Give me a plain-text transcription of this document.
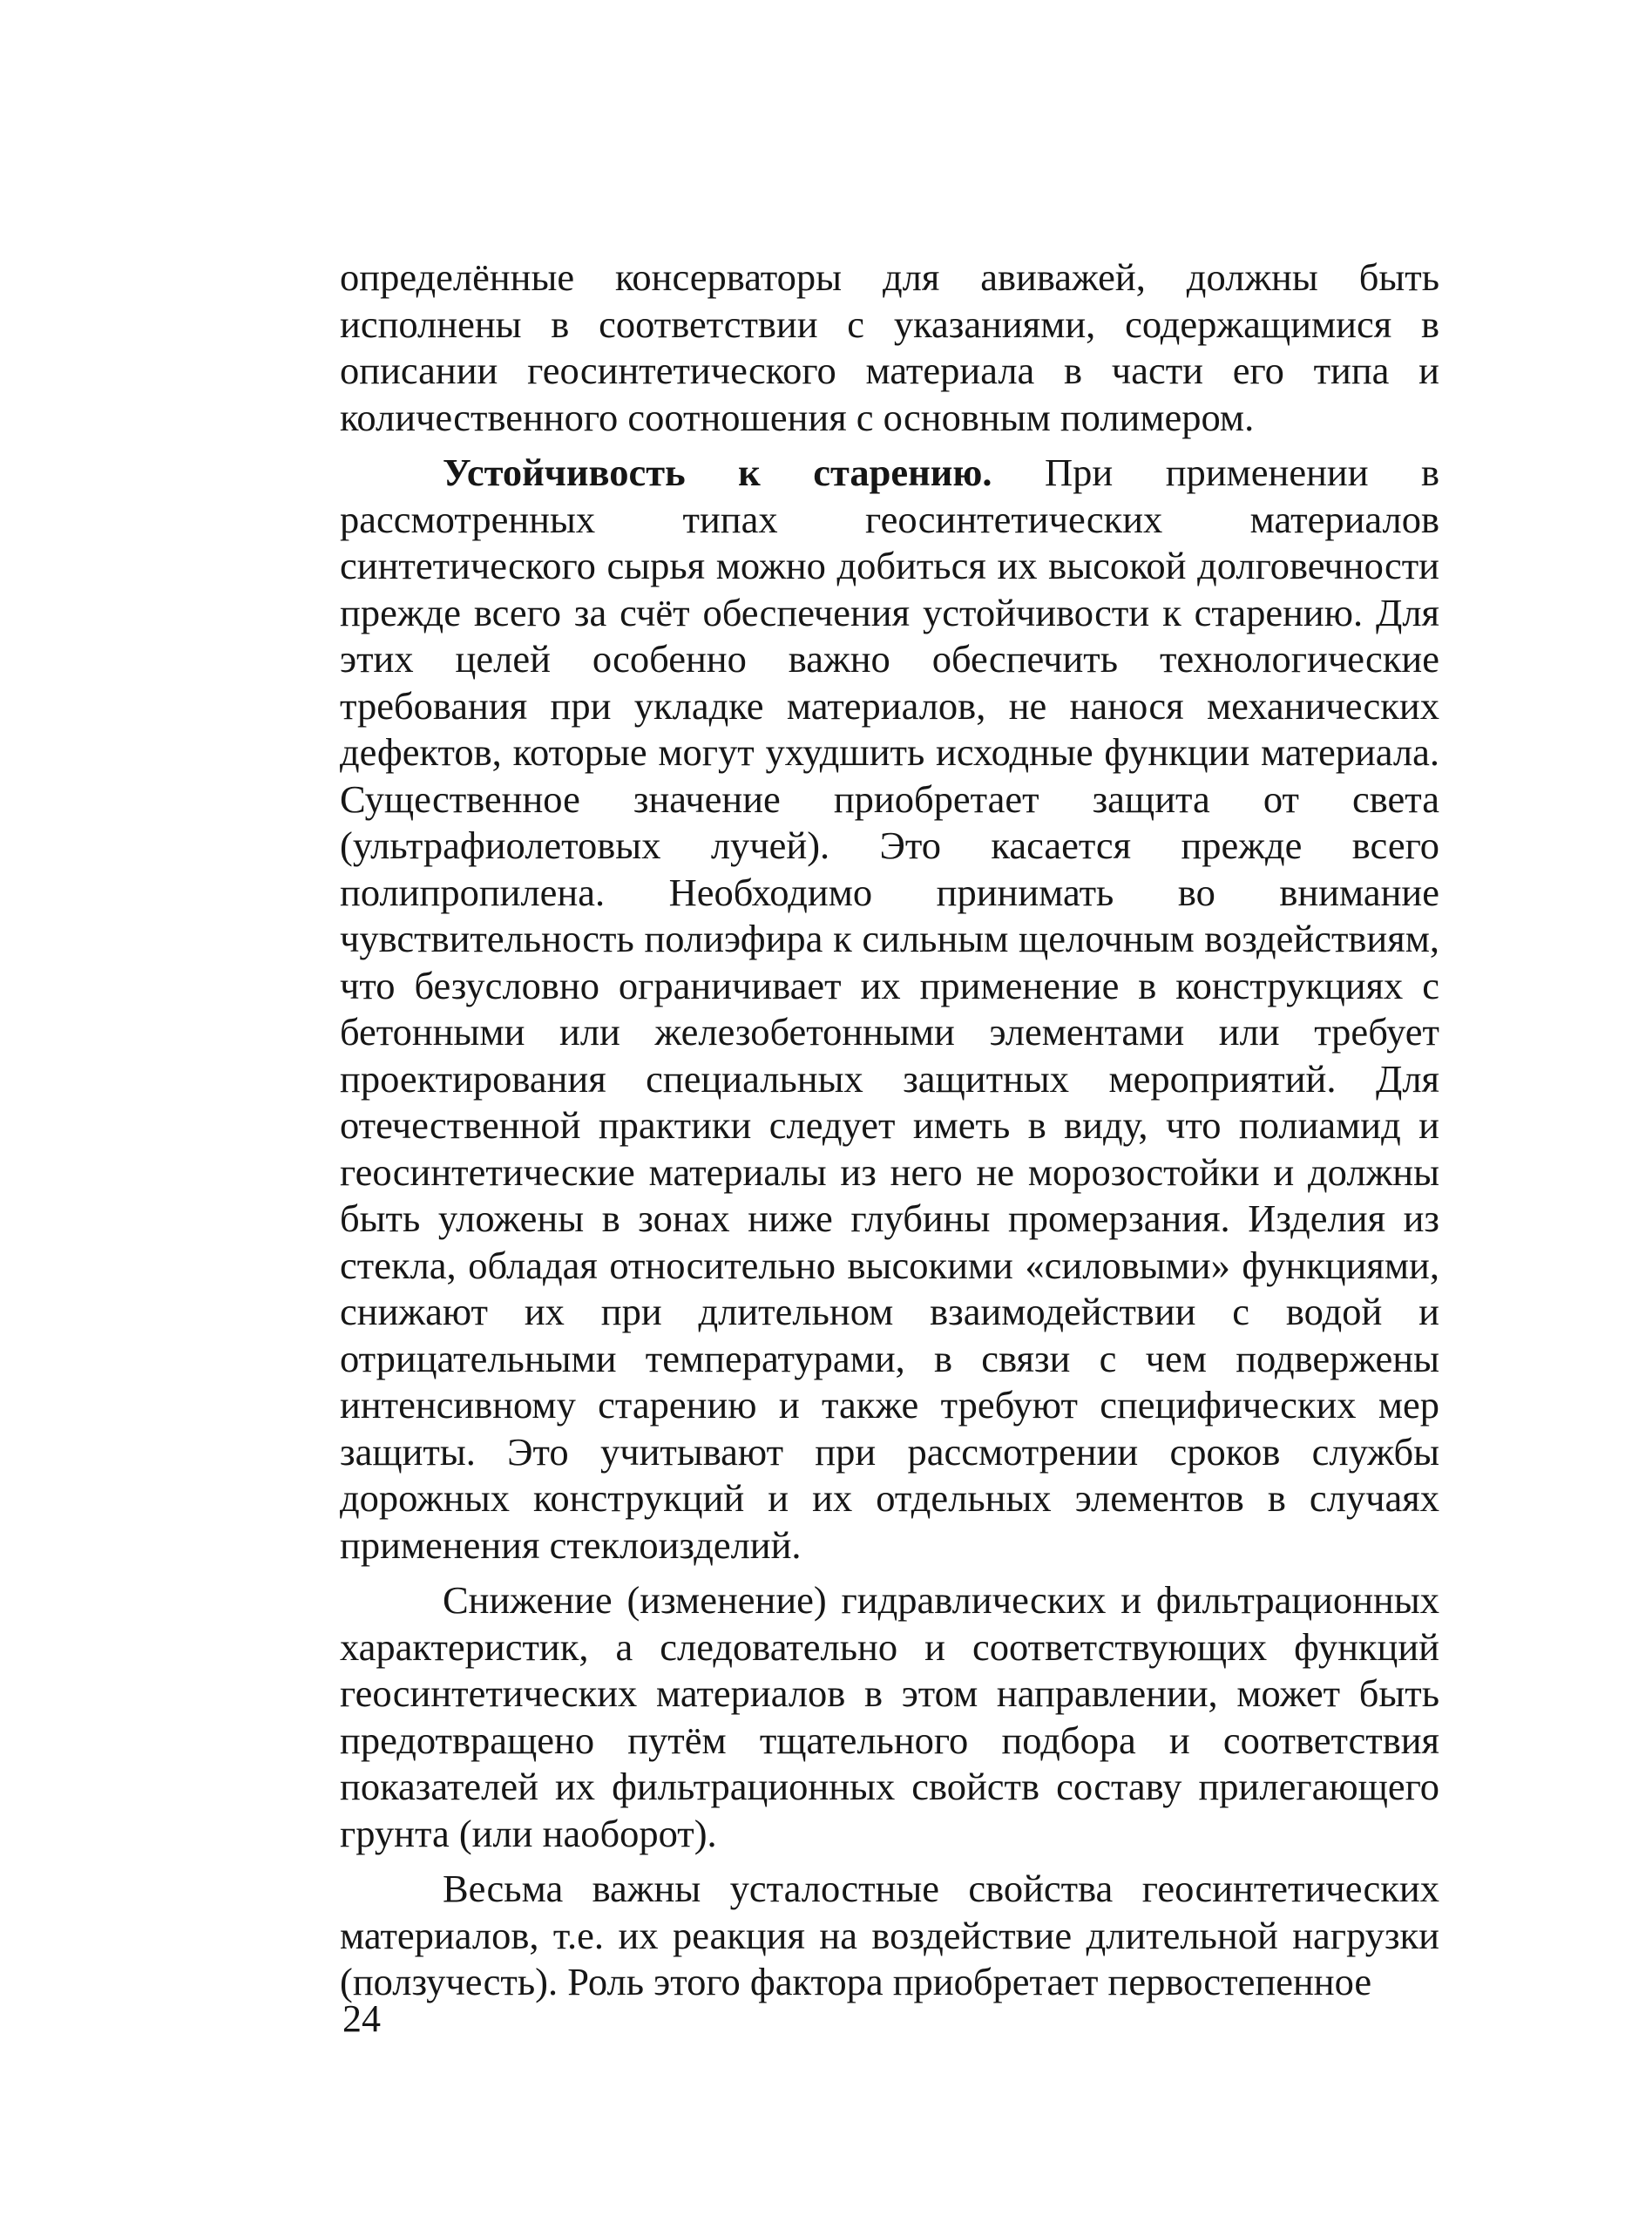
определённые консерваторы для авиважей, должны быть исполнены в соответствии с указаниями, содержащимися в описании геосинтетического материала в части его типа и количественного соотношения с основным полимером.

Устойчивость к старению. При применении в рассмотренных типах геосинтетических материалов синтетического сырья можно добиться их высокой долговечности прежде всего за счёт обеспечения устойчивости к старению. Для этих целей особенно важно обеспечить технологические требования при укладке материалов, не нанося механических дефектов, которые могут ухудшить исходные функции материала. Существенное значение приобретает защита от света (ультрафиолетовых лучей). Это касается прежде всего полипропилена. Необходимо принимать во внимание чувствительность полиэфира к сильным щелочным воздействиям, что безусловно ограничивает их применение в конструкциях с бетонными или железобетонными элементами или требует проектирования специальных защитных мероприятий. Для отечественной практики следует иметь в виду, что полиамид и геосинтетические материалы из него не морозостойки и должны быть уложены в зонах ниже глубины промерзания. Изделия из стекла, обладая относительно высокими «силовыми» функциями, снижают их при длительном взаимодействии с водой и отрицательными температурами, в связи с чем подвержены интенсивному старению и также требуют специфических мер защиты. Это учитывают при рассмотрении сроков службы дорожных конструкций и их отдельных элементов в случаях применения стеклоизделий.

Снижение (изменение) гидравлических и фильтрационных характеристик, а следовательно и соответствующих функций геосинтетических материалов в этом направлении, может быть предотвращено путём тщательного подбора и соответствия показателей их фильтрационных свойств составу прилегающего грунта (или наоборот).

Весьма важны усталостные свойства геосинтетических материалов, т.е. их реакция на воздействие длительной нагрузки (ползучесть). Роль этого фактора приобретает первостепенное

24
